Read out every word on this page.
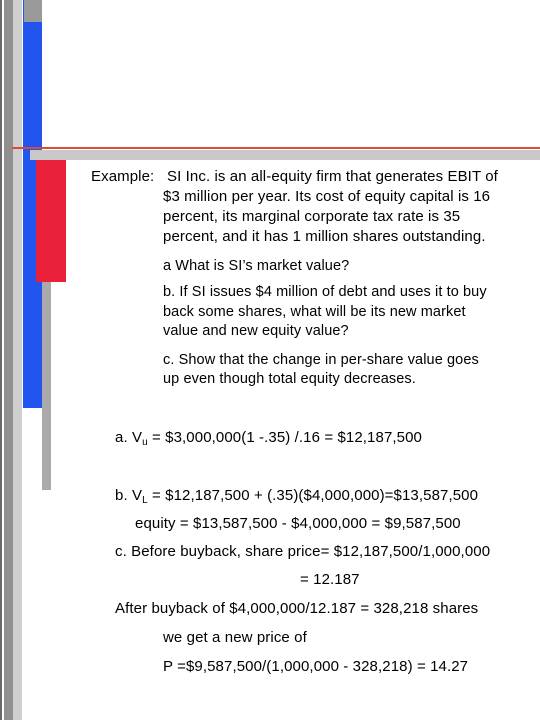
Example: SI Inc. is an all-equity firm that generates EBIT of
$3 million per year. Its cost of equity capital is 16
percent, its marginal corporate tax rate is 35
percent, and it has 1 million shares outstanding.
a What is SI’s market value?
b. If SI issues $4 million of debt and uses it to buy
back some shares, what will be its new market
value and new equity value?
c. Show that the change in per-share value goes
up even though total equity decreases.
a. $V_u$ = $3,000,000(1 -.35) /.16 = $12,187,500
b. $V_L$ = $12,187,500 + (.35)($4,000,000)=$13,587,500
equity = $13,587,500 - $4,000,000 = $9,587,500
c. Before buyback, share price= $12,187,500/1,000,000
= 12.187
After buyback of $4,000,000/12.187 = 328,218 shares
we get a new price of
P =$9,587,500/(1,000,000 - 328,218) = 14.27
